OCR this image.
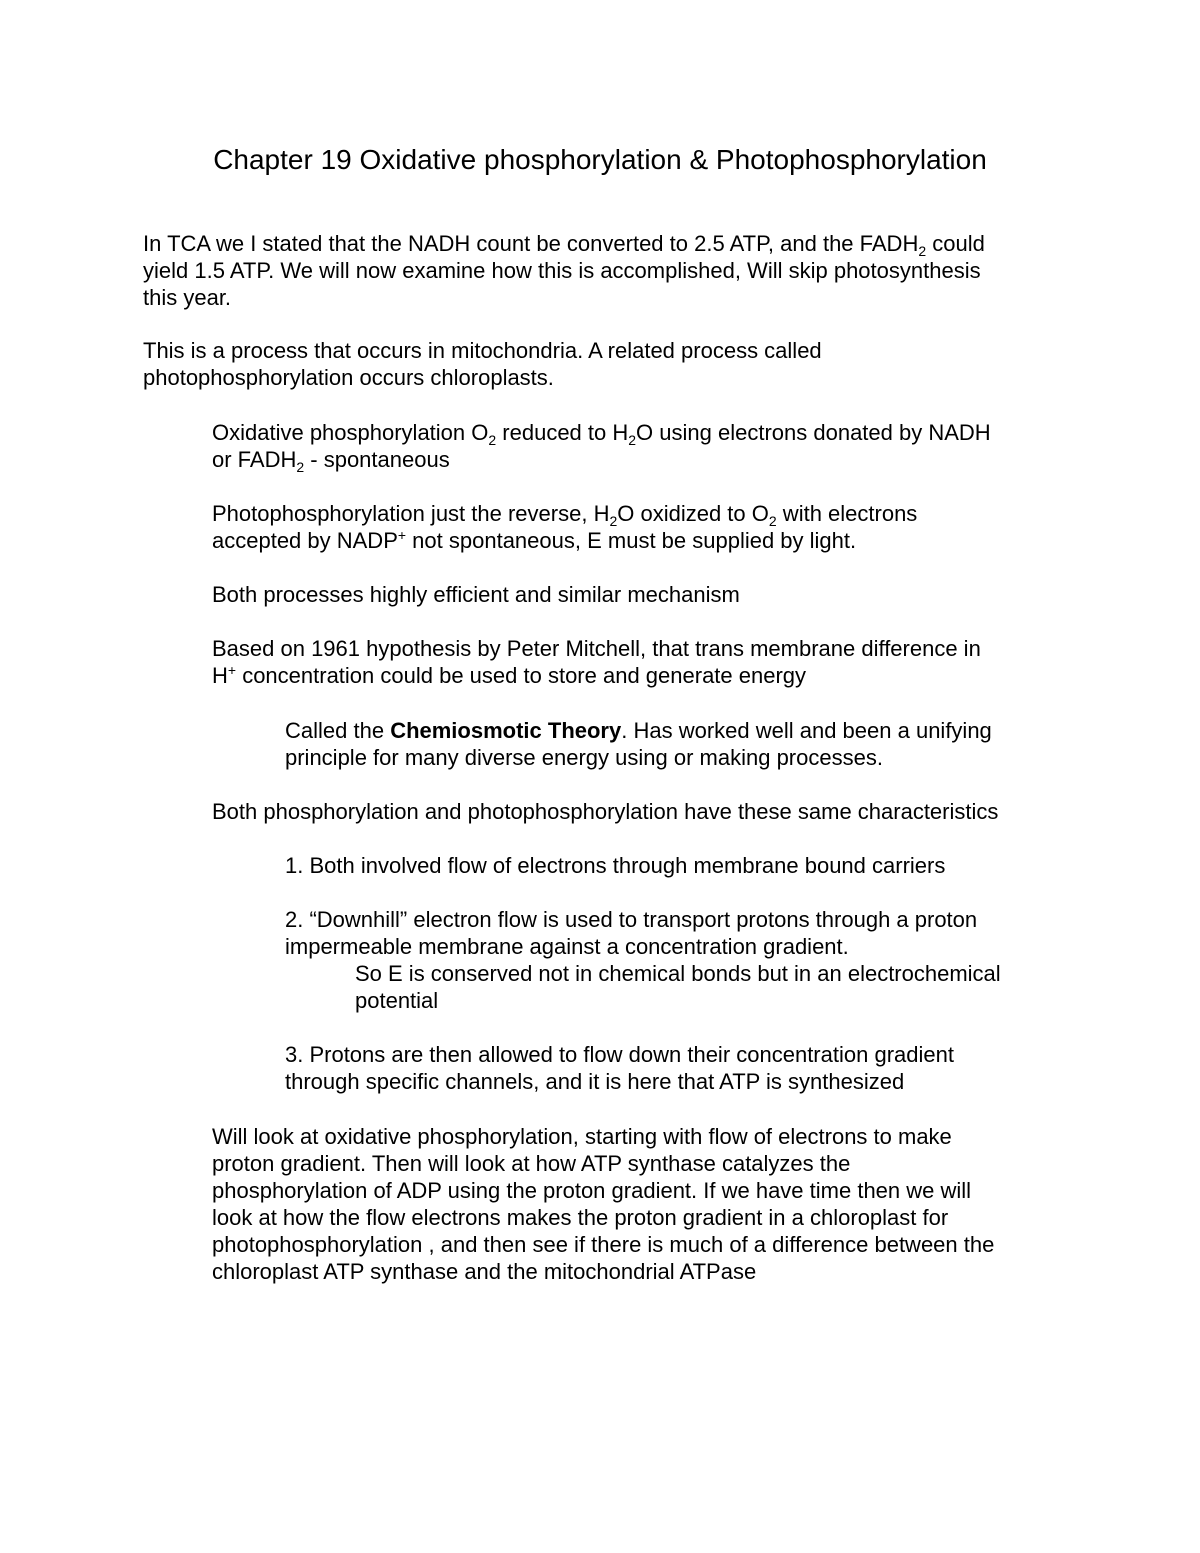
Chapter 19 Oxidative phosphorylation & Photophosphorylation
In TCA we I stated that the NADH count be converted to 2.5 ATP, and the $FADH_2$ could
yield 1.5 ATP. We will now examine how this is accomplished, Will skip photosynthesis
this year.
This is a process that occurs in mitochondria. A related process called
photophosphorylation occurs chloroplasts.
Oxidative phosphorylation $O_2$ reduced to $H_2O$ using electrons donated by NADH
or $FADH_2$ - spontaneous
Photophosphorylation just the reverse, $H_2O$ oxidized to $O_2$ with electrons
accepted by NADP+ not spontaneous, E must be supplied by light.
Both processes highly efficient and similar mechanism
Based on 1961 hypothesis by Peter Mitchell, that trans membrane difference in
H+ concentration could be used to store and generate energy
Called the Chemiosmotic Theory. Has worked well and been a unifying
principle for many diverse energy using or making processes.
Both phosphorylation and photophosphorylation have these same characteristics
1. Both involved flow of electrons through membrane bound carriers
2. “Downhill” electron flow is used to transport protons through a proton
impermeable membrane against a concentration gradient.
So E is conserved not in chemical bonds but in an electrochemical
potential
3. Protons are then allowed to flow down their concentration gradient
through specific channels, and it is here that ATP is synthesized
Will look at oxidative phosphorylation, starting with flow of electrons to make
proton gradient. Then will look at how ATP synthase catalyzes the
phosphorylation of ADP using the proton gradient. If we have time then we will
look at how the flow electrons makes the proton gradient in a chloroplast for
photophosphorylation , and then see if there is much of a difference between the
chloroplast ATP synthase and the mitochondrial ATPase
